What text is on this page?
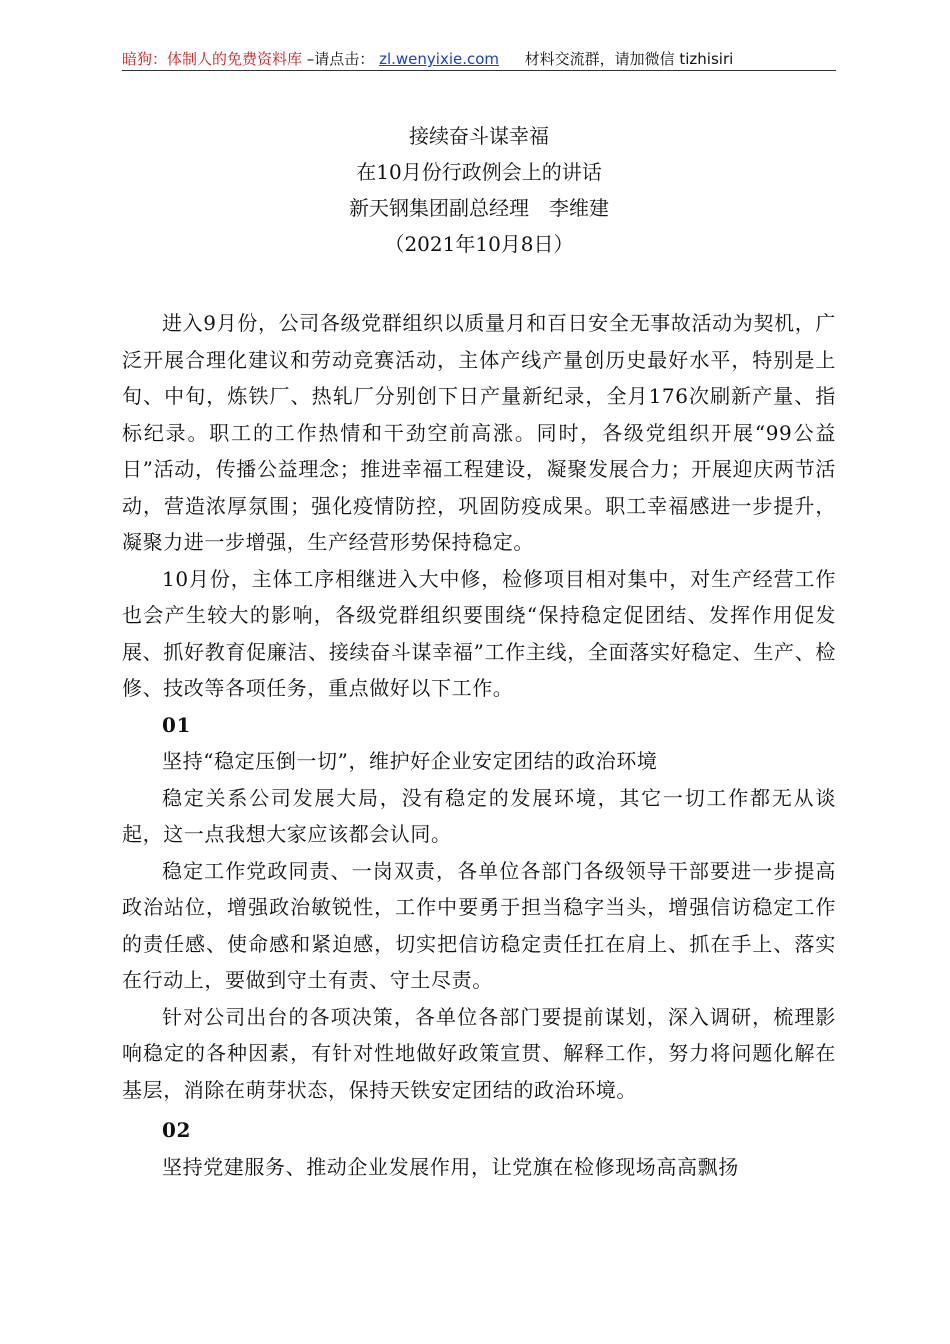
暗狗：体制人的免费资料库 –请点击： zl.wenyixie.com 材料交流群，请加微信 tizhisiri
接续奋斗谋幸福
在10月份行政例会上的讲话
新天钢集团副总经理　李维建
（2021年10月8日）

进入9月份，公司各级党群组织以质量月和百日安全无事故活动为契机，广泛开展合理化建议和劳动竞赛活动，主体产线产量创历史最好水平，特别是上旬、中旬，炼铁厂、热轧厂分别创下日产量新纪录，全月176次刷新产量、指标纪录。职工的工作热情和干劲空前高涨。同时，各级党组织开展“99公益日”活动，传播公益理念；推进幸福工程建设，凝聚发展合力；开展迎庆两节活动，营造浓厚氛围；强化疫情防控，巩固防疫成果。职工幸福感进一步提升，凝聚力进一步增强，生产经营形势保持稳定。

10月份，主体工序相继进入大中修，检修项目相对集中，对生产经营工作也会产生较大的影响，各级党群组织要围绕“保持稳定促团结、发挥作用促发展、抓好教育促廉洁、接续奋斗谋幸福”工作主线，全面落实好稳定、生产、检修、技改等各项任务，重点做好以下工作。

01

坚持“稳定压倒一切”，维护好企业安定团结的政治环境

稳定关系公司发展大局，没有稳定的发展环境，其它一切工作都无从谈起，这一点我想大家应该都会认同。

稳定工作党政同责、一岗双责，各单位各部门各级领导干部要进一步提高政治站位，增强政治敏锐性，工作中要勇于担当稳字当头，增强信访稳定工作的责任感、使命感和紧迫感，切实把信访稳定责任扛在肩上、抓在手上、落实在行动上，要做到守土有责、守土尽责。

针对公司出台的各项决策，各单位各部门要提前谋划，深入调研，梳理影响稳定的各种因素，有针对性地做好政策宣贯、解释工作，努力将问题化解在基层，消除在萌芽状态，保持天铁安定团结的政治环境。

02

坚持党建服务、推动企业发展作用，让党旗在检修现场高高飘扬
